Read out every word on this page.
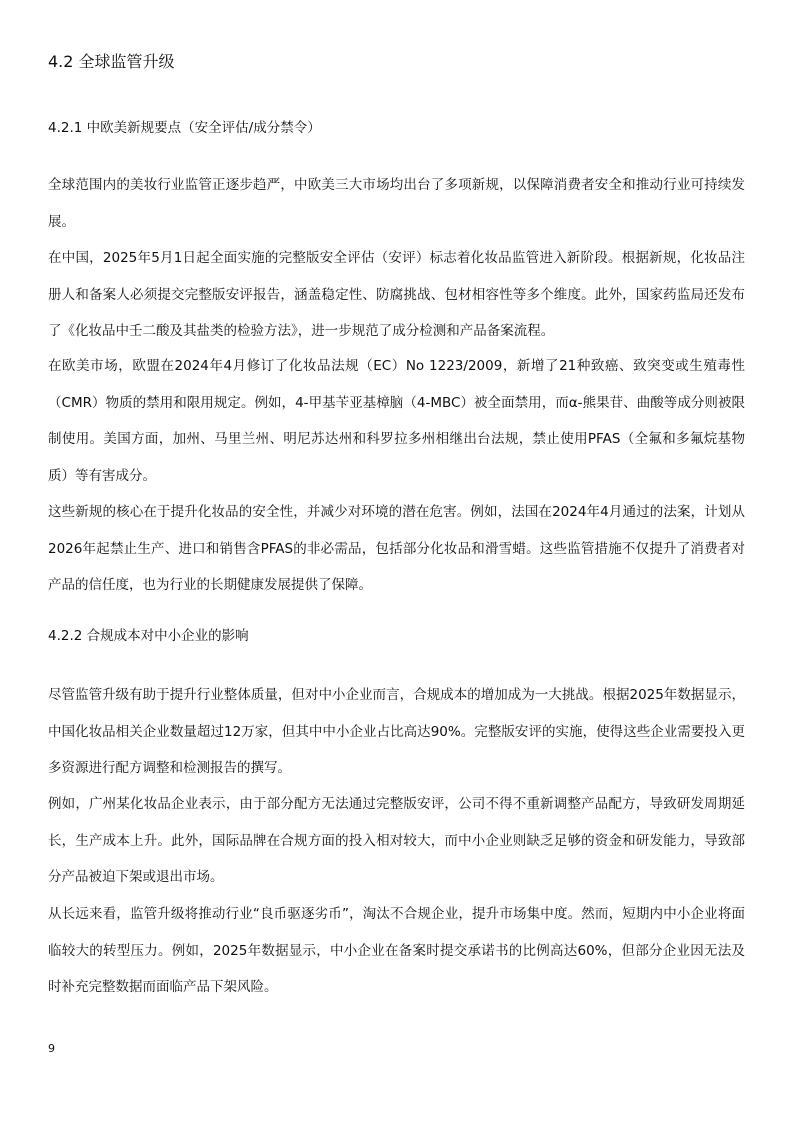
4.2 全球监管升级
4.2.1 中欧美新规要点（安全评估/成分禁令）

全球范围内的美妆行业监管正逐步趋严，中欧美三大市场均出台了多项新规，以保障消费者安全和推动行业可持续发展。

在中国，2025年5月1日起全面实施的完整版安全评估（安评）标志着化妆品监管进入新阶段。根据新规，化妆品注册人和备案人必须提交完整版安评报告，涵盖稳定性、防腐挑战、包材相容性等多个维度。此外，国家药监局还发布了《化妆品中壬二酸及其盐类的检验方法》，进一步规范了成分检测和产品备案流程。

在欧美市场，欧盟在2024年4月修订了化妆品法规（EC）No 1223/2009，新增了21种致癌、致突变或生殖毒性（CMR）物质的禁用和限用规定。例如，4-甲基苄亚基樟脑（4-MBC）被全面禁用，而α-熊果苷、曲酸等成分则被限制使用。美国方面，加州、马里兰州、明尼苏达州和科罗拉多州相继出台法规，禁止使用PFAS（全氟和多氟烷基物质）等有害成分。

这些新规的核心在于提升化妆品的安全性，并减少对环境的潜在危害。例如，法国在2024年4月通过的法案，计划从2026年起禁止生产、进口和销售含PFAS的非必需品，包括部分化妆品和滑雪蜡。这些监管措施不仅提升了消费者对产品的信任度，也为行业的长期健康发展提供了保障。

4.2.2 合规成本对中小企业的影响

尽管监管升级有助于提升行业整体质量，但对中小企业而言，合规成本的增加成为一大挑战。根据2025年数据显示，中国化妆品相关企业数量超过12万家，但其中中小企业占比高达90%。完整版安评的实施，使得这些企业需要投入更多资源进行配方调整和检测报告的撰写。

例如，广州某化妆品企业表示，由于部分配方无法通过完整版安评，公司不得不重新调整产品配方，导致研发周期延长，生产成本上升。此外，国际品牌在合规方面的投入相对较大，而中小企业则缺乏足够的资金和研发能力，导致部分产品被迫下架或退出市场。

从长远来看，监管升级将推动行业“良币驱逐劣币”，淘汰不合规企业，提升市场集中度。然而，短期内中小企业将面临较大的转型压力。例如，2025年数据显示，中小企业在备案时提交承诺书的比例高达60%，但部分企业因无法及时补充完整数据而面临产品下架风险。

9
